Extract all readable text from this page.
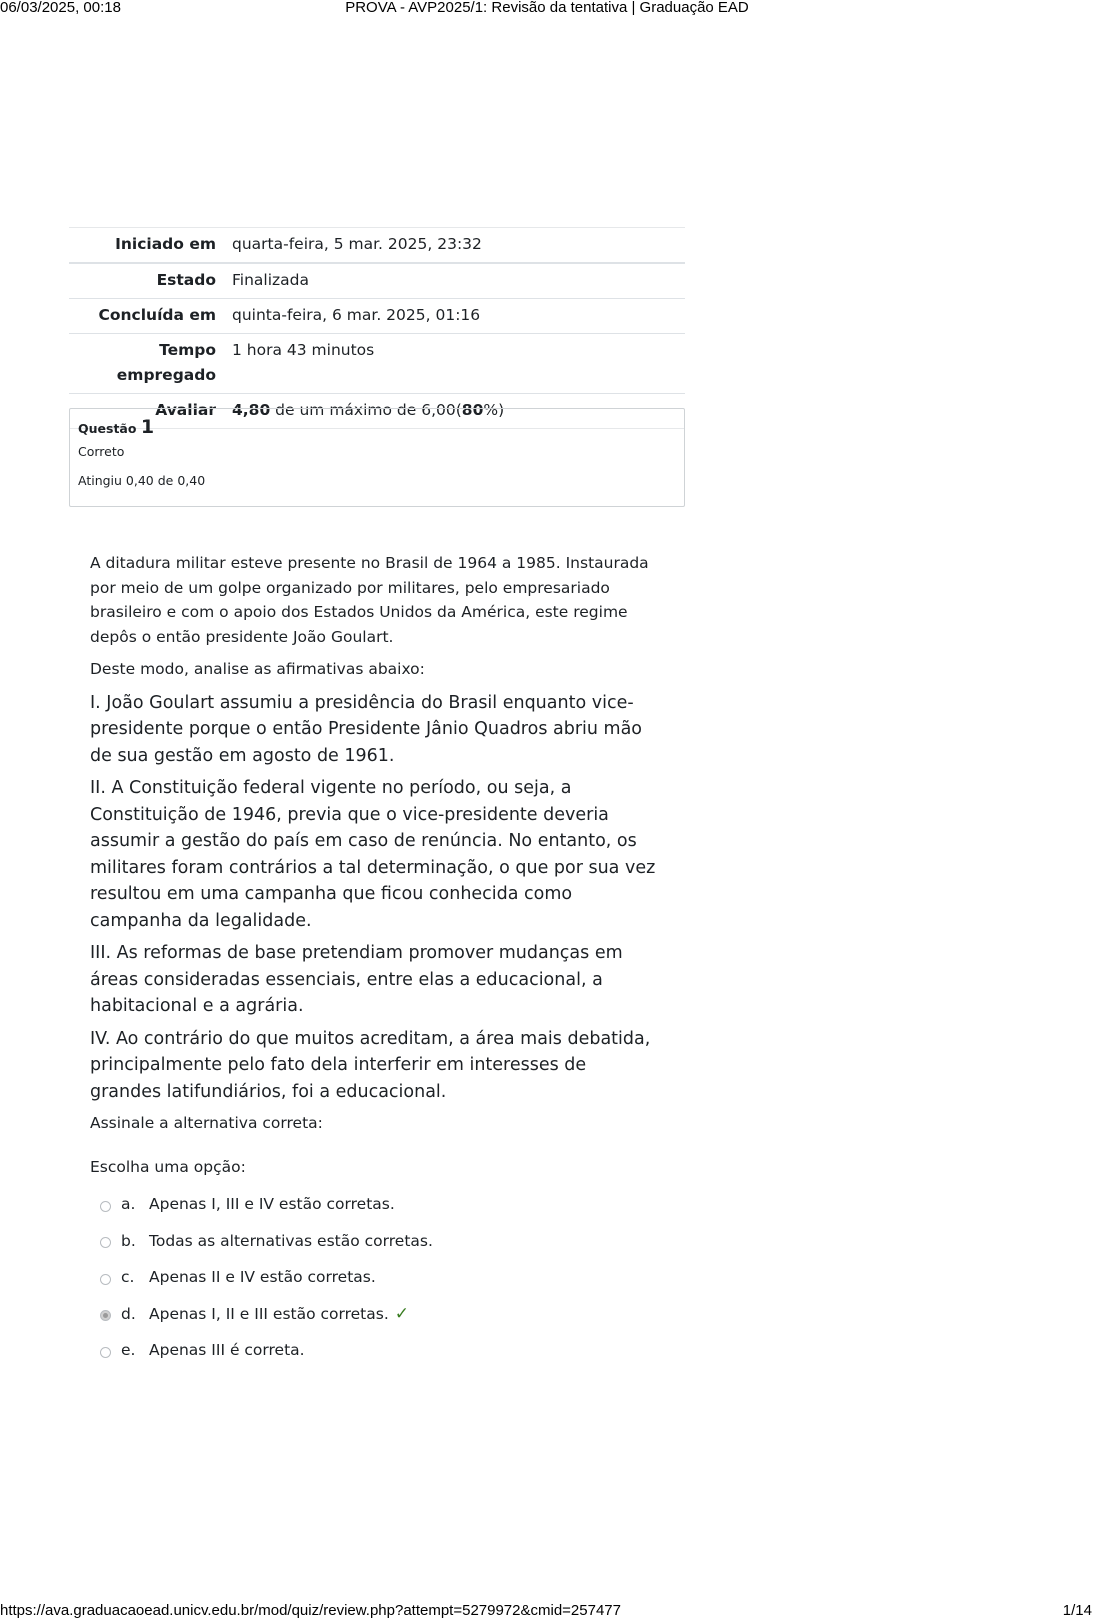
06/03/2025, 00:18	PROVA - AVP2025/1: Revisão da tentativa | Graduação EAD
Iniciado em	quarta-feira, 5 mar. 2025, 23:32
Estado	Finalizada
Concluída em	quinta-feira, 6 mar. 2025, 01:16
Tempo
empregado	1 hora 43 minutos
Avaliar	4,80 de um máximo de 6,00(80%)
Questão 1
Correto
Atingiu 0,40 de 0,40

A ditadura militar esteve presente no Brasil de 1964 a 1985. Instaurada por meio de um golpe organizado por militares, pelo empresariado brasileiro e com o apoio dos Estados Unidos da América, este regime depôs o então presidente João Goulart.

Deste modo, analise as afirmativas abaixo:

I. João Goulart assumiu a presidência do Brasil enquanto vice-presidente porque o então Presidente Jânio Quadros abriu mão de sua gestão em agosto de 1961.

II. A Constituição federal vigente no período, ou seja, a Constituição de 1946, previa que o vice-presidente deveria assumir a gestão do país em caso de renúncia. No entanto, os militares foram contrários a tal determinação, o que por sua vez resultou em uma campanha que ficou conhecida como campanha da legalidade.

III. As reformas de base pretendiam promover mudanças em áreas consideradas essenciais, entre elas a educacional, a habitacional e a agrária.

IV. Ao contrário do que muitos acreditam, a área mais debatida, principalmente pelo fato dela interferir em interesses de grandes latifundiários, foi a educacional.

Assinale a alternativa correta:

Escolha uma opção:
a. Apenas I, III e IV estão corretas.
b. Todas as alternativas estão corretas.
c. Apenas II e IV estão corretas.
d. Apenas I, II e III estão corretas. ✓
e. Apenas III é correta.
https://ava.graduacaoead.unicv.edu.br/mod/quiz/review.php?attempt=5279972&cmid=257477	1/14
